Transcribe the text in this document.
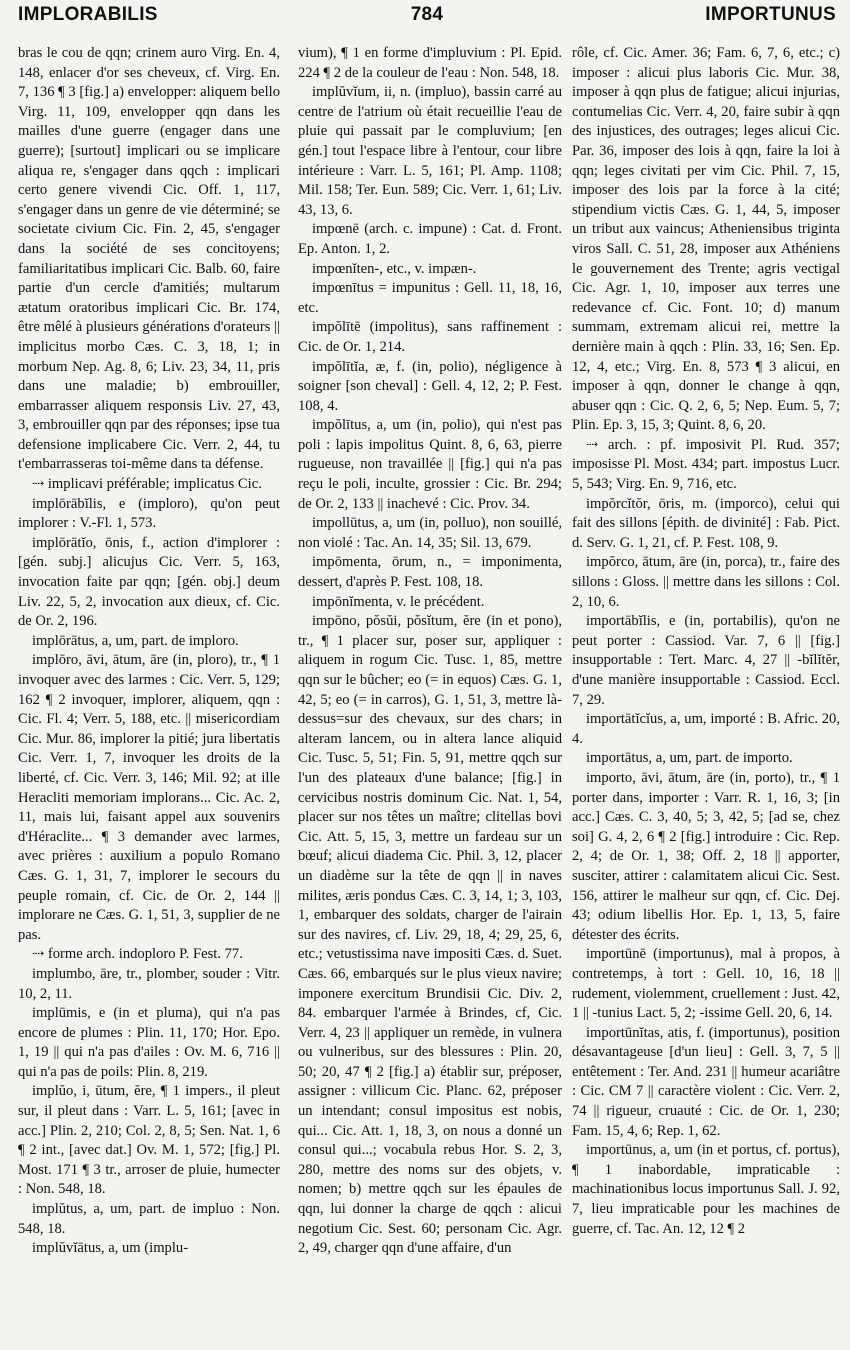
IMPLORABILIS	784	IMPORTUNUS

bras le cou de qqn; crinem auro Virg. En. 4, 148, enlacer d'or ses cheveux, cf. Virg. En. 7, 136 ¶ 3 [fig.] a) envelopper: aliquem bello Virg. 11, 109, envelopper qqn dans les mailles d'une guerre (engager dans une guerre); [surtout] implicari ou se implicare aliqua re, s'engager dans qqch : implicari certo genere vivendi Cic. Off. 1, 117, s'engager dans un genre de vie déterminé; se societate civium Cic. Fin. 2, 45, s'engager dans la société de ses concitoyens; familiaritatibus implicari Cic. Balb. 60, faire partie d'un cercle d'amitiés; multarum ætatum oratoribus implicari Cic. Br. 174, être mêlé à plusieurs générations d'orateurs || implicitus morbo Cæs. C. 3, 18, 1; in morbum Nep. Ag. 8, 6; Liv. 23, 34, 11, pris dans une maladie; b) embrouiller, embarrasser aliquem responsis Liv. 27, 43, 3, embrouiller qqn par des réponses; ipse tua defensione implicabere Cic. Verr. 2, 44, tu t'embarrasseras toi-même dans ta défense.

⇢ implicavi préférable; implicatus Cic.

implōrābĭlis, e (imploro), qu'on peut implorer : V.-Fl. 1, 573.

implōrātĭo, ōnis, f., action d'implorer : [gén. subj.] alicujus Cic. Verr. 5, 163, invocation faite par qqn; [gén. obj.] deum Liv. 22, 5, 2, invocation aux dieux, cf. Cic. de Or. 2, 196.

implōrātus, a, um, part. de imploro.

implōro, āvi, ātum, āre (in, ploro), tr., ¶ 1 invoquer avec des larmes : Cic. Verr. 5, 129; 162 ¶ 2 invoquer, implorer, aliquem, qqn : Cic. Fl. 4; Verr. 5, 188, etc. || misericordiam Cic. Mur. 86, implorer la pitié; jura libertatis Cic. Verr. 1, 7, invoquer les droits de la liberté, cf. Cic. Verr. 3, 146; Mil. 92; at ille Heracliti memoriam implorans... Cic. Ac. 2, 11, mais lui, faisant appel aux souvenirs d'Héraclite... ¶ 3 demander avec larmes, avec prières : auxilium a populo Romano Cæs. G. 1, 31, 7, implorer le secours du peuple romain, cf. Cic. de Or. 2, 144 || implorare ne Cæs. G. 1, 51, 3, supplier de ne pas.

⇢ forme arch. indoploro P. Fest. 77.

implumbo, āre, tr., plomber, souder : Vitr. 10, 2, 11.

implūmis, e (in et pluma), qui n'a pas encore de plumes : Plin. 11, 170; Hor. Epo. 1, 19 || qui n'a pas d'ailes : Ov. M. 6, 716 || qui n'a pas de poils: Plin. 8, 219.

implŭo, i, ūtum, ĕre, ¶ 1 impers., il pleut sur, il pleut dans : Varr. L. 5, 161; [avec in acc.] Plin. 2, 210; Col. 2, 8, 5; Sen. Nat. 1, 6 ¶ 2 int., [avec dat.] Ov. M. 1, 572; [fig.] Pl. Most. 171 ¶ 3 tr., arroser de pluie, humecter : Non. 548, 18.

implŭtus, a, um, part. de impluo : Non. 548, 18.

implŭvĭātus, a, um (implu-

vium), ¶ 1 en forme d'impluvium : Pl. Epid. 224 ¶ 2 de la couleur de l'eau : Non. 548, 18.

implŭvĭum, ii, n. (impluo), bassin carré au centre de l'atrium où était recueillie l'eau de pluie qui passait par le compluvium; [en gén.] tout l'espace libre à l'entour, cour libre intérieure : Varr. L. 5, 161; Pl. Amp. 1108; Mil. 158; Ter. Eun. 589; Cic. Verr. 1, 61; Liv. 43, 13, 6.

impœnē (arch. c. impune) : Cat. d. Front. Ep. Anton. 1, 2.

impœnĭten-, etc., v. impæn-.

impœnītus = impunitus : Gell. 11, 18, 16, etc.

impŏlītē (impolitus), sans raffinement : Cic. de Or. 1, 214.

impŏlītĭa, æ, f. (in, polio), négligence à soigner [son cheval] : Gell. 4, 12, 2; P. Fest. 108, 4.

impŏlītus, a, um (in, polio), qui n'est pas poli : lapis impolitus Quint. 8, 6, 63, pierre rugueuse, non travaillée || [fig.] qui n'a pas reçu le poli, inculte, grossier : Cic. Br. 294; de Or. 2, 133 || inachevé : Cic. Prov. 34.

impollūtus, a, um (in, polluo), non souillé, non violé : Tac. An. 14, 35; Sil. 13, 679.

impōmenta, ōrum, n., = imponimenta, dessert, d'après P. Fest. 108, 18.

impōnĭmenta, v. le précédent.

impōno, pŏsŭi, pŏsĭtum, ĕre (in et pono), tr., ¶ 1 placer sur, poser sur, appliquer : aliquem in rogum Cic. Tusc. 1, 85, mettre qqn sur le bûcher; eo (= in equos) Cæs. G. 1, 42, 5; eo (= in carros), G. 1, 51, 3, mettre là-dessus=sur des chevaux, sur des chars; in alteram lancem, ou in altera lance aliquid Cic. Tusc. 5, 51; Fin. 5, 91, mettre qqch sur l'un des plateaux d'une balance; [fig.] in cervicibus nostris dominum Cic. Nat. 1, 54, placer sur nos têtes un maître; clitellas bovi Cic. Att. 5, 15, 3, mettre un fardeau sur un bœuf; alicui diadema Cic. Phil. 3, 12, placer un diadème sur la tête de qqn || in naves milites, æris pondus Cæs. C. 3, 14, 1; 3, 103, 1, embarquer des soldats, charger de l'airain sur des navires, cf. Liv. 29, 18, 4; 29, 25, 6, etc.; vetustissima nave impositi Cæs. d. Suet. Cæs. 66, embarqués sur le plus vieux navire; imponere exercitum Brundisii Cic. Div. 2, 84. embarquer l'armée à Brindes, cf, Cic. Verr. 4, 23 || appliquer un remède, in vulnera ou vulneribus, sur des blessures : Plin. 20, 50; 20, 47 ¶ 2 [fig.] a) établir sur, préposer, assigner : villicum Cic. Planc. 62, préposer un intendant; consul impositus est nobis, qui... Cic. Att. 1, 18, 3, on nous a donné un consul qui...; vocabula rebus Hor. S. 2, 3, 280, mettre des noms sur des objets, v. nomen; b) mettre qqch sur les épaules de qqn, lui donner la charge de qqch : alicui negotium Cic. Sest. 60; personam Cic. Agr. 2, 49, charger qqn d'une affaire, d'un

rôle, cf. Cic. Amer. 36; Fam. 6, 7, 6, etc.; c) imposer : alicui plus laboris Cic. Mur. 38, imposer à qqn plus de fatigue; alicui injurias, contumelias Cic. Verr. 4, 20, faire subir à qqn des injustices, des outrages; leges alicui Cic. Par. 36, imposer des lois à qqn, faire la loi à qqn; leges civitati per vim Cic. Phil. 7, 15, imposer des lois par la force à la cité; stipendium victis Cæs. G. 1, 44, 5, imposer un tribut aux vaincus; Atheniensibus triginta viros Sall. C. 51, 28, imposer aux Athéniens le gouvernement des Trente; agris vectigal Cic. Agr. 1, 10, imposer aux terres une redevance cf. Cic. Font. 10; d) manum summam, extremam alicui rei, mettre la dernière main à qqch : Plin. 33, 16; Sen. Ep. 12, 4, etc.; Virg. En. 8, 573 ¶ 3 alicui, en imposer à qqn, donner le change à qqn, abuser qqn : Cic. Q. 2, 6, 5; Nep. Eum. 5, 7; Plin. Ep. 3, 15, 3; Quint. 8, 6, 20.

⇢ arch. : pf. imposivit Pl. Rud. 357; imposisse Pl. Most. 434; part. impostus Lucr. 5, 543; Virg. En. 9, 716, etc.

impŏrcĭtŏr, ōris, m. (imporco), celui qui fait des sillons [épith. de divinité] : Fab. Pict. d. Serv. G. 1, 21, cf. P. Fest. 108, 9.

impŏrco, ātum, āre (in, porca), tr., faire des sillons : Gloss. || mettre dans les sillons : Col. 2, 10, 6.

importābĭlis, e (in, portabilis), qu'on ne peut porter : Cassiod. Var. 7, 6 || [fig.] insupportable : Tert. Marc. 4, 27 || -bĭlĭtĕr, d'une manière insupportable : Cassiod. Eccl. 7, 29.

importātĭcĭus, a, um, importé : B. Afric. 20, 4.

importātus, a, um, part. de importo.

importo, āvi, ātum, āre (in, porto), tr., ¶ 1 porter dans, importer : Varr. R. 1, 16, 3; [in acc.] Cæs. C. 3, 40, 5; 3, 42, 5; [ad se, chez soi] G. 4, 2, 6 ¶ 2 [fig.] introduire : Cic. Rep. 2, 4; de Or. 1, 38; Off. 2, 18 || apporter, susciter, attirer : calamitatem alicui Cic. Sest. 156, attirer le malheur sur qqn, cf. Cic. Dej. 43; odium libellis Hor. Ep. 1, 13, 5, faire détester des écrits.

importūnē (importunus), mal à propos, à contretemps, à tort : Gell. 10, 16, 18 || rudement, violemment, cruellement : Just. 42, 1 || -tunius Lact. 5, 2; -issime Gell. 20, 6, 14.

importūnĭtas, atis, f. (importunus), position désavantageuse [d'un lieu] : Gell. 3, 7, 5 || entêtement : Ter. And. 231 || humeur acariâtre : Cic. CM 7 || caractère violent : Cic. Verr. 2, 74 || rigueur, cruauté : Cic. de Or. 1, 230; Fam. 15, 4, 6; Rep. 1, 62.

importūnus, a, um (in et portus, cf. portus), ¶ 1 inabordable, impraticable : machinationibus locus importunus Sall. J. 92, 7, lieu impraticable pour les machines de guerre, cf. Tac. An. 12, 12 ¶ 2
